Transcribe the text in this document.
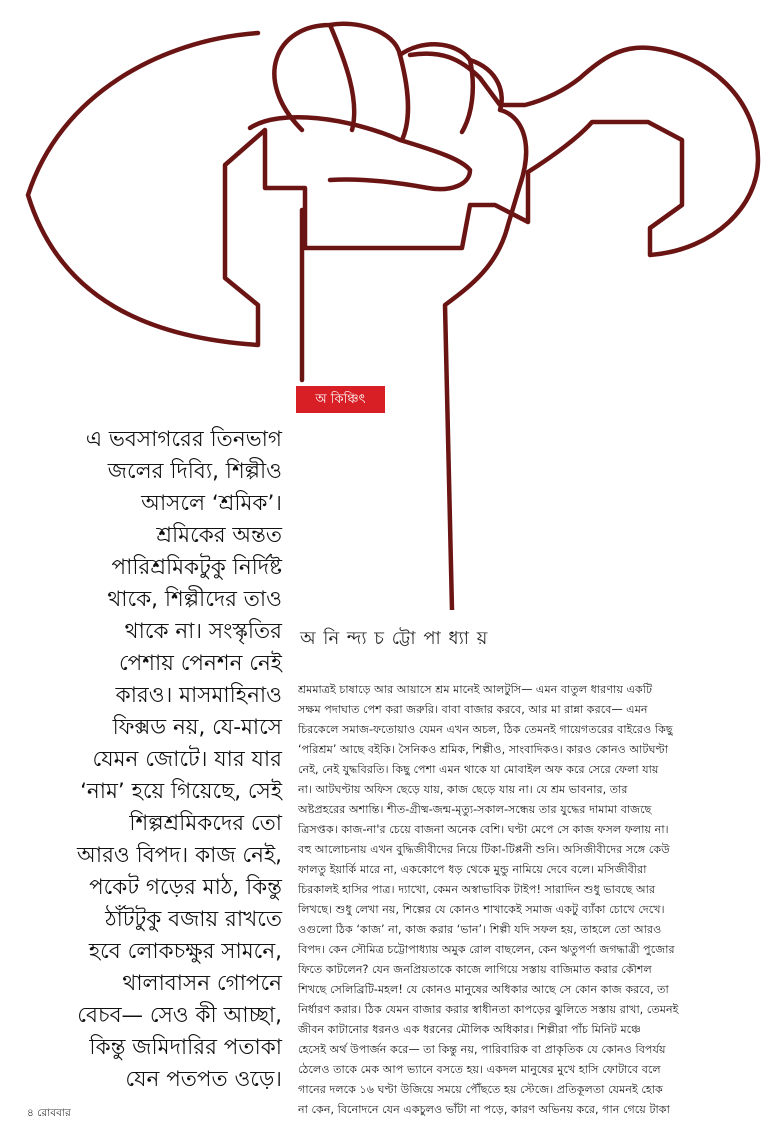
অ কিঞ্চিৎ
এ ভবসাগরের তিনভাগ
জলের দিব্যি, শিল্পীও
আসলে ‘শ্রমিক’।
শ্রমিকের অন্তত
পারিশ্রমিকটুকু নির্দিষ্ট
থাকে, শিল্পীদের তাও
থাকে না। সংস্কৃতির
পেশায় পেনশন নেই
কারও। মাসমাহিনাও
ফিক্সড নয়, যে-মাসে
যেমন জোটে। যার যার
‘নাম’ হয়ে গিয়েছে, সেই
শিল্পশ্রমিকদের তো
আরও বিপদ। কাজ নেই,
পকেট গড়ের মাঠ, কিন্তু
ঠাঁটটুকু বজায় রাখতে
হবে লোকচক্ষুর সামনে,
থালাবাসন গোপনে
বেচব— সেও কী আচ্ছা,
কিন্তু জমিদারির পতাকা
যেন পতপত ওড়ে।
অ নি ন্দ্য চ ট্টো পা ধ্যা য়
শ্রমমাত্রই চাষাড়ে আর আয়াসে শ্রম মানেই আলটুসি— এমন বাতুল ধারণায় একটি
সক্ষম পদাঘাত পেশ করা জরুরি। বাবা বাজার করবে, আর মা রান্না করবে— এমন
চিরকেলে সমাজ-ফতোয়াও যেমন এখন অচল, ঠিক তেমনই গায়েগতরের বাইরেও কিছু
‘পরিশ্রম’ আছে বইকি। সৈনিকও শ্রমিক, শিল্পীও, সাংবাদিকও। কারও কোনও আটঘণ্টা
নেই, নেই যুদ্ধবিরতি। কিছু পেশা এমন থাকে যা মোবাইল অফ করে সেরে ফেলা যায়
না। আটঘণ্টায় অফিস ছেড়ে যায়, কাজ ছেড়ে যায় না। যে শ্রম ভাবনার, তার
অষ্টপ্রহরের অশান্তি। শীত-গ্রীষ্ম-জন্ম-মৃত্যু-সকাল-সন্ধেয় তার যুদ্ধের দামামা বাজছে
ত্রিসপ্তক। কাজ-না'র চেয়ে বাজনা অনেক বেশি। ঘণ্টা মেপে সে কাজ ফসল ফলায় না।
বহু আলোচনায় এখন বুদ্ধিজীবীদের নিয়ে টিকা-টিপ্পনী শুনি। অসিজীবীদের সঙ্গে কেউ
ফালতু ইয়ার্কি মারে না, এককোপে ধড় থেকে মুন্ডু নামিয়ে দেবে বলে। মসিজীবীরা
চিরকালই হাসির পাত্র। দ্যাখো, কেমন অস্বাভাবিক টাইপ! সারাদিন শুধু ভাবছে আর
লিখছে। শুধু লেখা নয়, শিল্পের যে কোনও শাখাকেই সমাজ একটু ব্যাঁকা চোখে দেখে।
ওগুলো ঠিক ‘কাজ’ না, কাজ করার ‘ভান’। শিল্পী যদি সফল হয়, তাহলে তো আরও
বিপদ। কেন সৌমিত্র চট্টোপাধ্যায় অমুক রোল বাছলেন, কেন ঋতুপর্ণা জগদ্ধাত্রী পুজোর
ফিতে কাটলেন? যেন জনপ্রিয়তাকে কাজে লাগিয়ে সস্তায় বাজিমাত করার কৌশল
শিখছে সেলিব্রিটি-মহল! যে কোনও মানুষের অধিকার আছে সে কোন কাজ করবে, তা
নির্ধারণ করার। ঠিক যেমন বাজার করার স্বাধীনতা কাপড়ের ঝুলিতে সস্তায় রাখা, তেমনই
জীবন কাটানোর ধরনও এক ধরনের মৌলিক অধিকার। শিল্পীরা পাঁচ মিনিট মঞ্চে
হেসেই অর্থ উপার্জন করে— তা কিন্তু নয়, পারিবারিক বা প্রাকৃতিক যে কোনও বিপর্যয়
ঠেলেও তাকে মেক আপ ভ্যানে বসতে হয়। একদল মানুষের মুখে হাসি ফোটাবে বলে
গানের দলকে ১৬ ঘণ্টা উজিয়ে সময়ে পৌঁছতে হয় স্টেজে। প্রতিকূলতা যেমনই হোক
না কেন, বিনোদনে যেন একচুলও ভাঁটা না পড়ে, কারণ অভিনয় করে, গান গেয়ে টাকা
৪ রোববার
